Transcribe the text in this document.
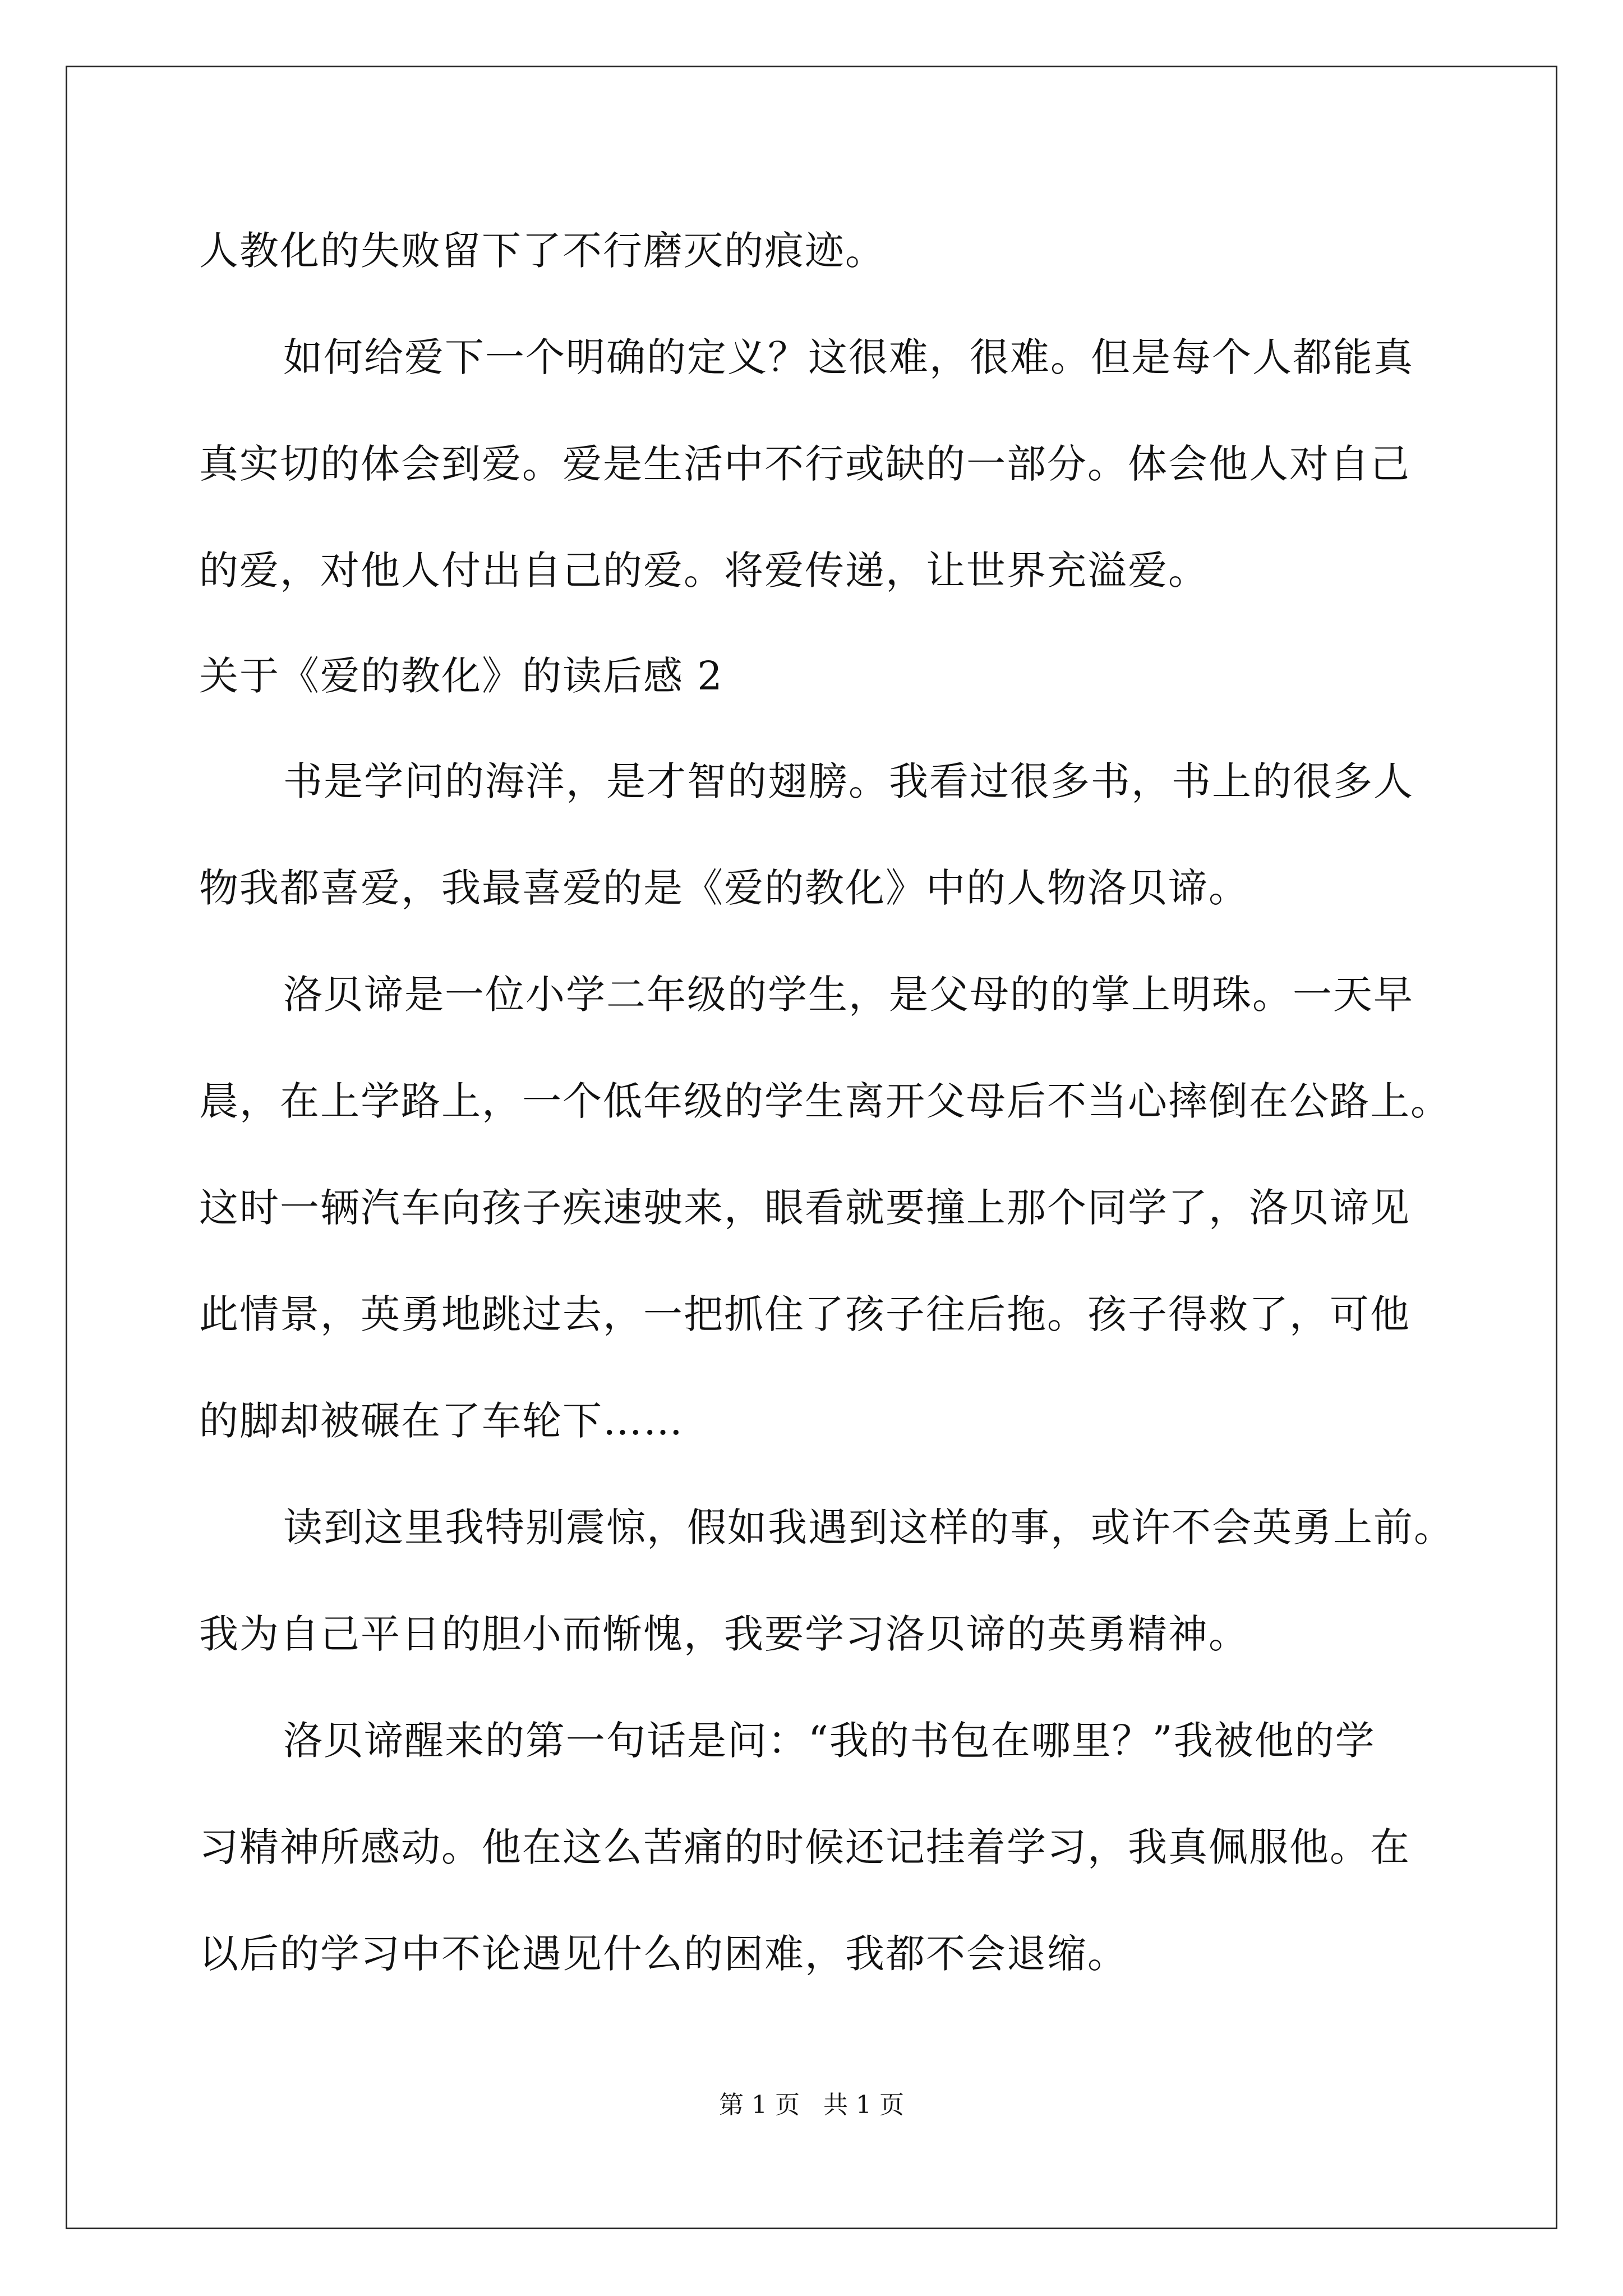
人教化的失败留下了不行磨灭的痕迹。
如何给爱下一个明确的定义？这很难，很难。但是每个人都能真
真实切的体会到爱。爱是生活中不行或缺的一部分。体会他人对自己
的爱，对他人付出自己的爱。将爱传递，让世界充溢爱。
关于《爱的教化》的读后感 2
书是学问的海洋，是才智的翅膀。我看过很多书，书上的很多人
物我都喜爱，我最喜爱的是《爱的教化》中的人物洛贝谛。
洛贝谛是一位小学二年级的学生，是父母的的掌上明珠。一天早
晨，在上学路上，一个低年级的学生离开父母后不当心摔倒在公路上。
这时一辆汽车向孩子疾速驶来，眼看就要撞上那个同学了，洛贝谛见
此情景，英勇地跳过去，一把抓住了孩子往后拖。孩子得救了，可他
的脚却被碾在了车轮下……
读到这里我特别震惊，假如我遇到这样的事，或许不会英勇上前。
我为自己平日的胆小而惭愧，我要学习洛贝谛的英勇精神。
洛贝谛醒来的第一句话是问：“我的书包在哪里？”我被他的学
习精神所感动。他在这么苦痛的时候还记挂着学习，我真佩服他。在
以后的学习中不论遇见什么的困难，我都不会退缩。
第 1 页   共 1 页
